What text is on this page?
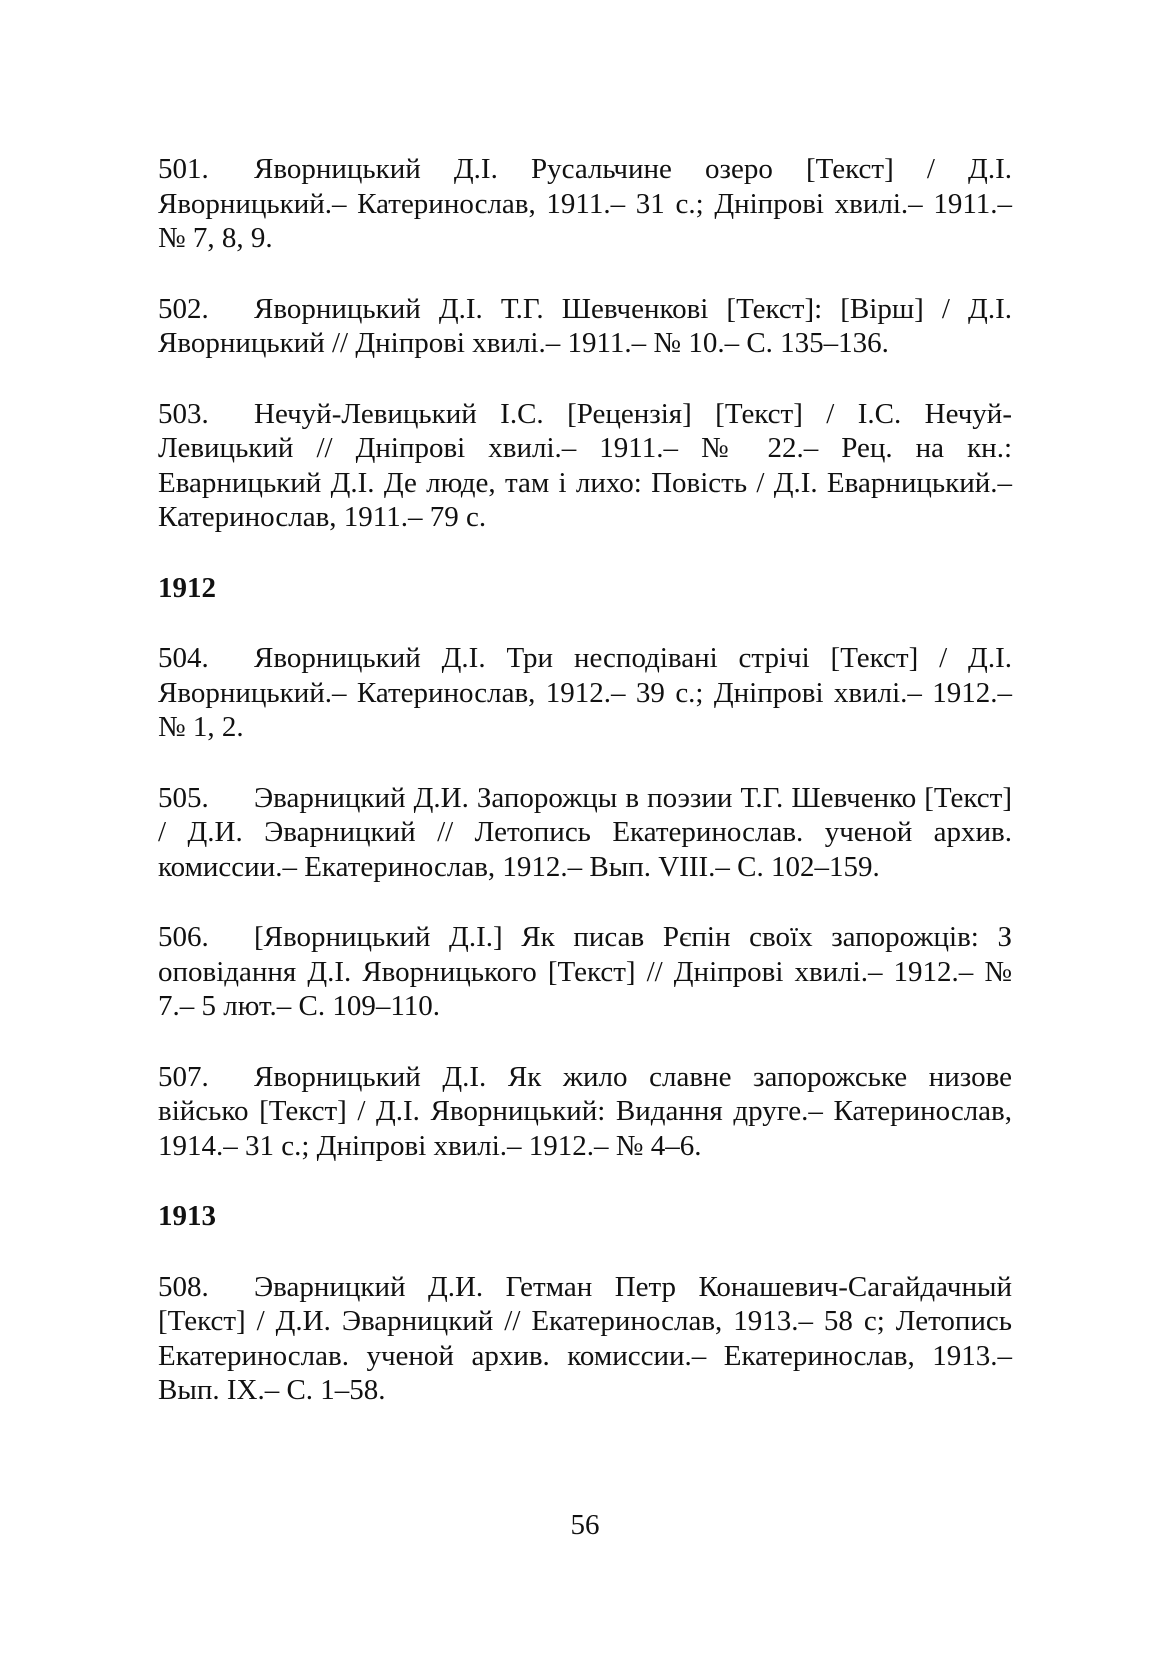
501. Яворницький Д.І. Русальчине озеро [Текст] / Д.І. Яворницький.– Катеринослав, 1911.– 31 с.; Дніпрові хвилі.– 1911.– № 7, 8, 9.

502. Яворницький Д.І. Т.Г. Шевченкові [Текст]: [Вірш] / Д.І. Яворницький // Дніпрові хвилі.– 1911.– № 10.– С. 135–136.

503. Нечуй-Левицький І.С. [Рецензія] [Текст] / І.С. Нечуй-Левицький // Дніпрові хвилі.– 1911.– № 22.– Рец. на кн.: Еварницький Д.І. Де люде, там і лихо: Повість / Д.І. Еварницький.– Катеринослав, 1911.– 79 с.

1912

504. Яворницький Д.І. Три несподівані стрічі [Текст] / Д.І. Яворницький.– Катеринослав, 1912.– 39 с.; Дніпрові хвилі.– 1912.– № 1, 2.

505. Эварницкий Д.И. Запорожцы в поэзии Т.Г. Шевченко [Текст] / Д.И. Эварницкий // Летопись Екатеринослав. ученой архив. комиссии.– Екатеринослав, 1912.– Вып. VIII.– С. 102–159.

506. [Яворницький Д.І.] Як писав Рєпін своїх запорожців: З оповідання Д.І. Яворницького [Текст] // Дніпрові хвилі.– 1912.– № 7.– 5 лют.– С. 109–110.

507. Яворницький Д.І. Як жило славне запорожське низове військо [Текст] / Д.І. Яворницький: Видання друге.– Катеринослав, 1914.– 31 с.; Дніпрові хвилі.– 1912.– № 4–6.

1913

508. Эварницкий Д.И. Гетман Петр Конашевич-Сагайдачный [Текст] / Д.И. Эварницкий // Екатеринослав, 1913.– 58 с; Летопись Екатеринослав. ученой архив. комиссии.– Екатеринослав, 1913.– Вып. IX.– С. 1–58.

56
